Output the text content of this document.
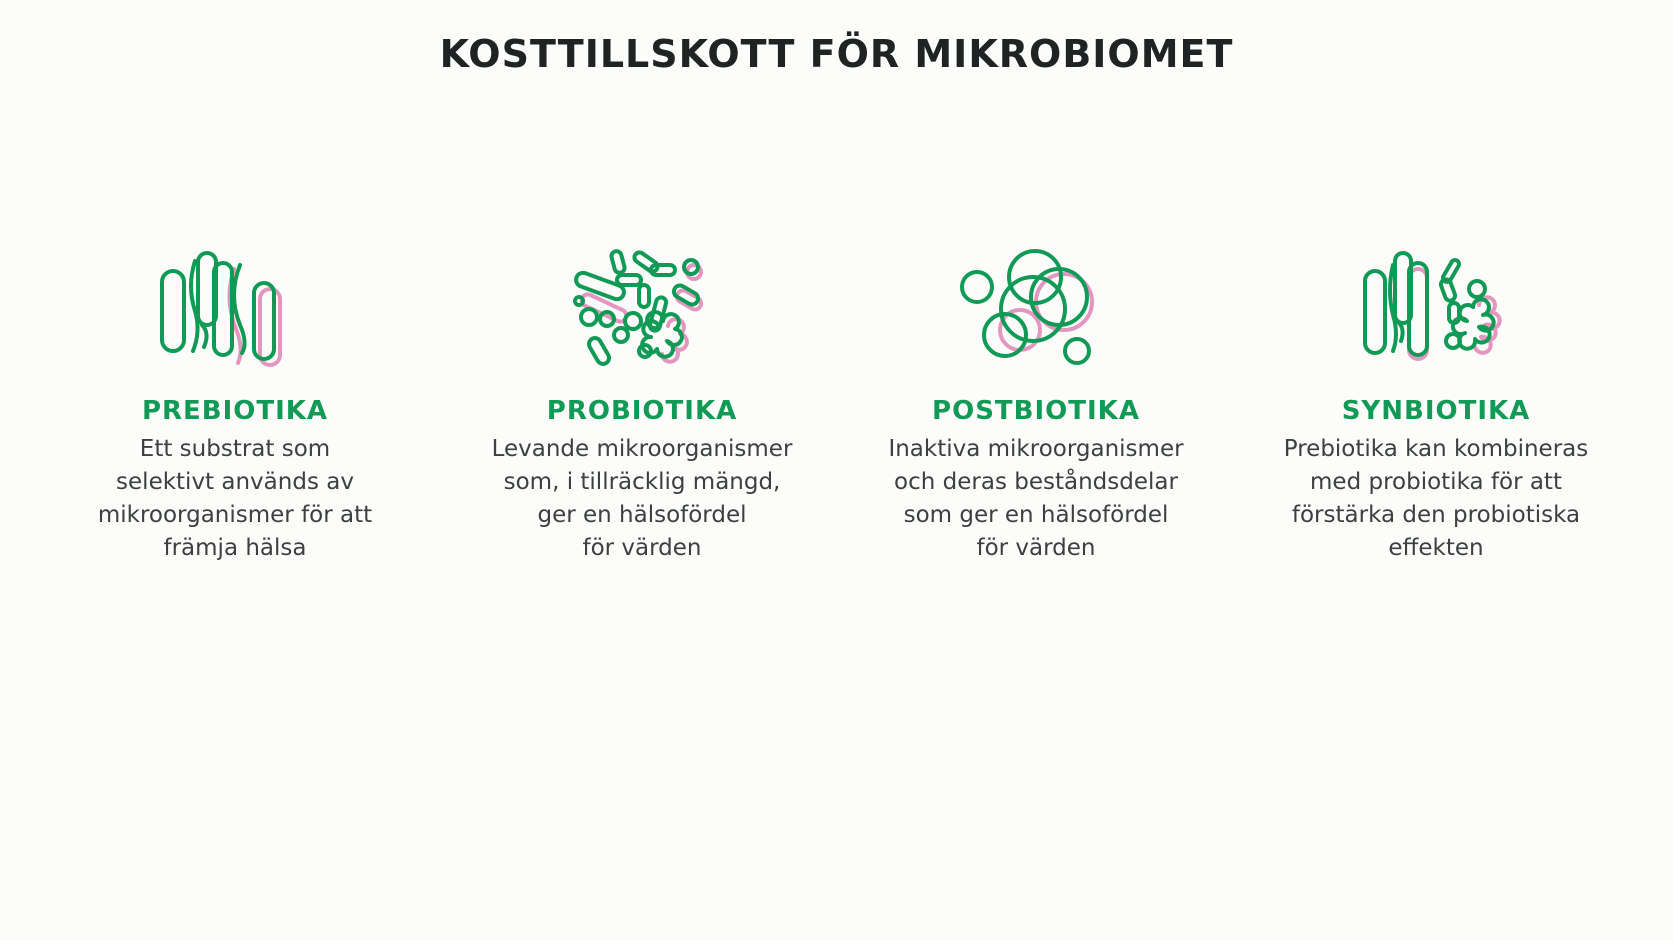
KOSTTILLSKOTT FÖR MIKROBIOMET
PREBIOTIKA
Ett substrat som
selektivt används av
mikroorganismer för att
främja hälsa
PROBIOTIKA
Levande mikroorganismer
som, i tillräcklig mängd,
ger en hälsofördel
för värden
POSTBIOTIKA
Inaktiva mikroorganismer
och deras beståndsdelar
som ger en hälsofördel
för värden
SYNBIOTIKA
Prebiotika kan kombineras
med probiotika för att
förstärka den probiotiska
effekten
